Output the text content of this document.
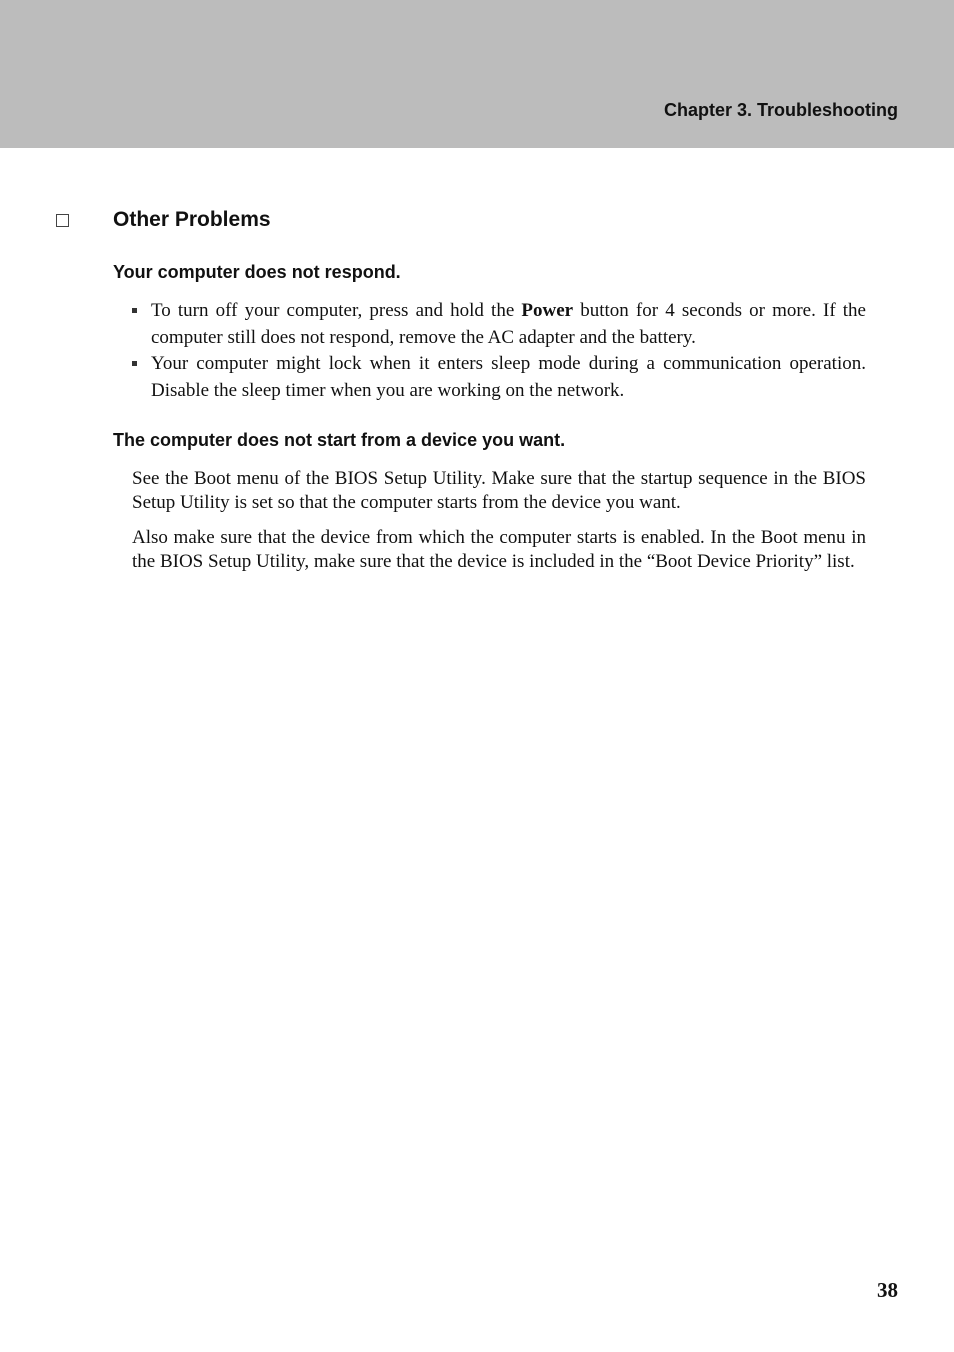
Chapter 3. Troubleshooting
Other Problems
Your computer does not respond.
To turn off your computer, press and hold the Power button for 4 seconds or more. If the computer still does not respond, remove the AC adapter and the battery.
Your computer might lock when it enters sleep mode during a communication operation. Disable the sleep timer when you are working on the network.
The computer does not start from a device you want.

See the Boot menu of the BIOS Setup Utility. Make sure that the startup sequence in the BIOS Setup Utility is set so that the computer starts from the device you want.

Also make sure that the device from which the computer starts is enabled. In the Boot menu in the BIOS Setup Utility, make sure that the device is included in the “Boot Device Priority” list.

38
